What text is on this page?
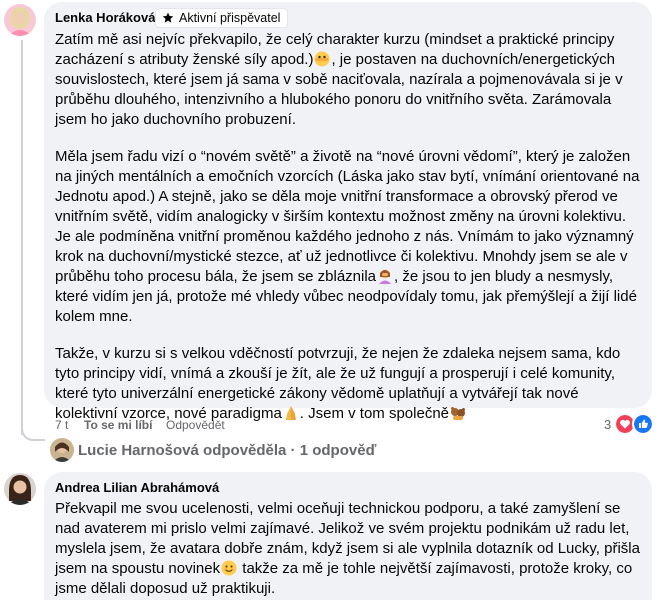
Lenka Horáková Aktivní přispěvatel

Zatím mě asi nejvíc překvapilo, že celý charakter kurzu (mindset a praktické principy zacházení s atributy ženské síly apod.) , je postaven na duchovních/energetických souvislostech, které jsem já sama v sobě naciťovala, nazírala a pojmenovávala si je v průběhu dlouhého, intenzivního a hlubokého ponoru do vnitřního světa. Zarámovala jsem ho jako duchovního probuzení.

Měla jsem řadu vizí o “novém světě” a životě na “nové úrovni vědomí”, který je založen na jiných mentálních a emočních vzorcích (Láska jako stav bytí, vnímání orientované na Jednotu apod.) A stejně, jako se děla moje vnitřní transformace a obrovský přerod ve vnitřním světě, vidím analogicky v širším kontextu možnost změny na úrovni kolektivu. Je ale podmíněna vnitřní proměnou každého jednoho z nás. Vnímám to jako významný krok na duchovní/mystické stezce, ať už jednotlivce či kolektivu. Mnohdy jsem se ale v průběhu toho procesu bála, že jsem se zbláznila , že jsou to jen bludy a nesmysly, které vidím jen já, protože mé vhledy vůbec neodpovídaly tomu, jak přemýšlejí a žijí lidé kolem mne.

Takže, v kurzu si s velkou vděčností potvrzuji, že nejen že zdaleka nejsem sama, kdo tyto principy vidí, vnímá a zkouší je žít, ale že už fungují a prosperují i celé komunity, které tyto univerzální energetické zákony vědomě uplatňují a vytvářejí tak nové kolektivní vzorce, nové paradigma . Jsem v tom společně

7 t To se mi líbí Odpovědět	3
Lucie Harnošová odpověděla · 1 odpověď
Andrea Lilian Abrahámová

Překvapil me svou ucelenosti, velmi oceňuji technickou podporu, a také zamyšlení se nad avaterem mi prislo velmi zajímavé. Jelikož ve svém projektu podnikám už radu let, myslela jsem, že avatara dobře znám, když jsem si ale vyplnila dotazník od Lucky, přišla jsem na spoustu novinek takže za mě je tohle největší zajímavosti, protože kroky, co jsme dělali doposud už praktikuji.
